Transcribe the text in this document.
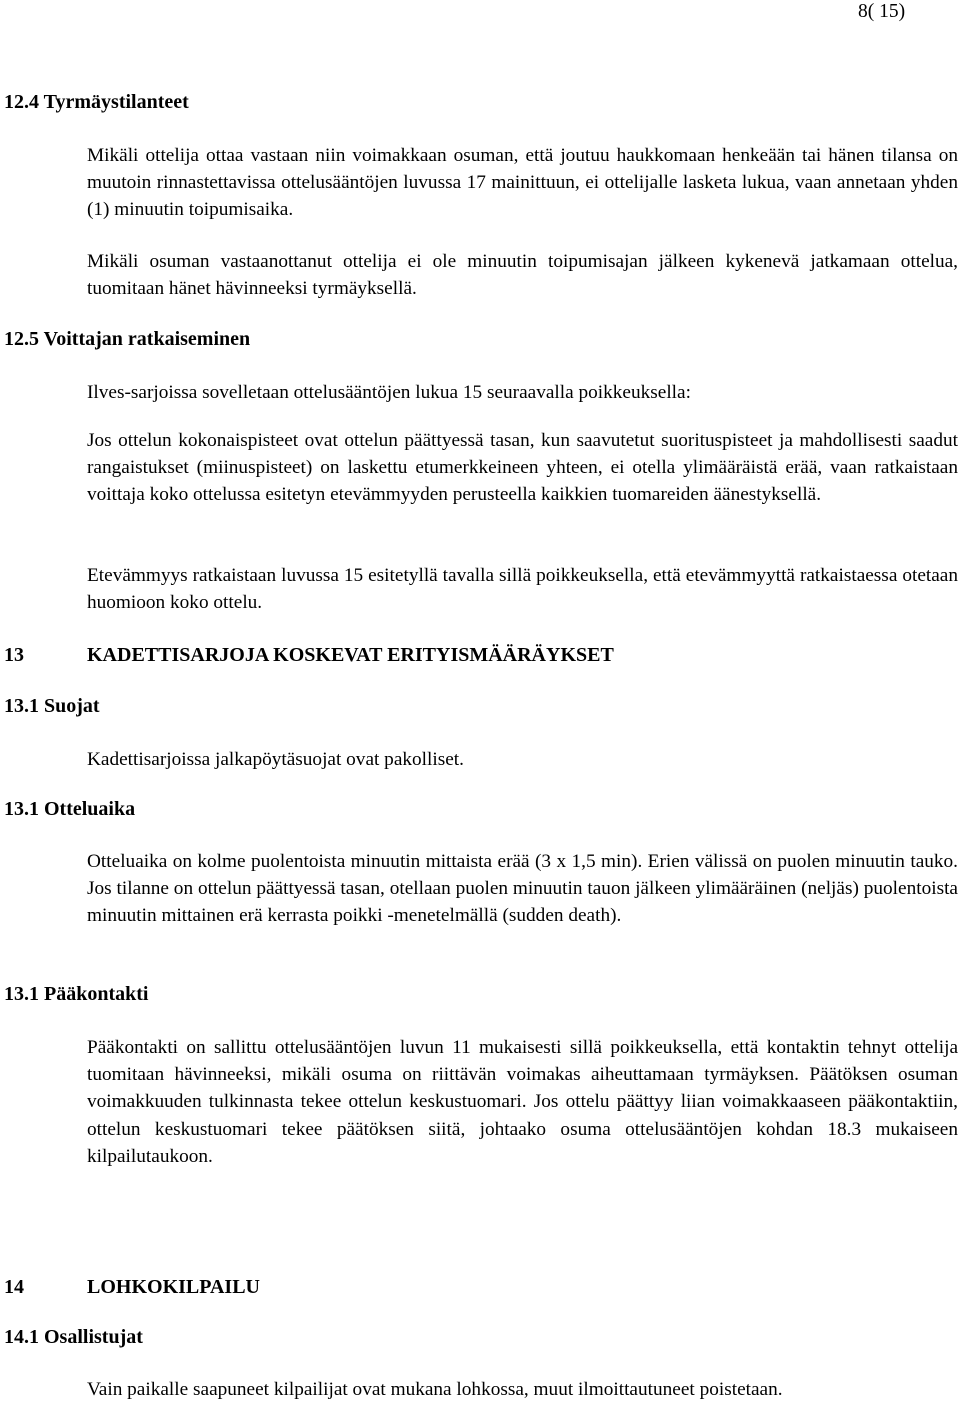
8( 15)
12.4 Tyrmäystilanteet

Mikäli ottelija ottaa vastaan niin voimakkaan osuman, että joutuu haukkomaan henkeään tai hänen tilansa on muutoin rinnastettavissa ottelusääntöjen luvussa 17 mainittuun, ei ottelijalle lasketa lukua, vaan annetaan yhden (1) minuutin toipumisaika.

Mikäli osuman vastaanottanut ottelija ei ole minuutin toipumisajan jälkeen kykenevä jatkamaan ottelua, tuomitaan hänet hävinneeksi tyrmäyksellä.

12.5 Voittajan ratkaiseminen

Ilves-sarjoissa sovelletaan ottelusääntöjen lukua 15 seuraavalla poikkeuksella:

Jos ottelun kokonaispisteet ovat ottelun päättyessä tasan, kun saavutetut suorituspisteet ja mahdollisesti saadut rangaistukset (miinuspisteet) on laskettu etumerkkeineen yhteen, ei otella ylimääräistä erää, vaan ratkaistaan voittaja koko ottelussa esitetyn etevämmyyden perusteella kaikkien tuomareiden äänestyksellä.

Etevämmyys ratkaistaan luvussa 15 esitetyllä tavalla sillä poikkeuksella, että etevämmyyttä ratkaistaessa otetaan huomioon koko ottelu.

13	KADETTISARJOJA KOSKEVAT ERITYISMÄÄRÄYKSET
13.1 Suojat

Kadettisarjoissa jalkapöytäsuojat ovat pakolliset.

13.1 Otteluaika

Otteluaika on kolme puolentoista minuutin mittaista erää (3 x 1,5 min). Erien välissä on puolen minuutin tauko. Jos tilanne on ottelun päättyessä tasan, otellaan puolen minuutin tauon jälkeen ylimääräinen (neljäs) puolentoista minuutin mittainen erä kerrasta poikki -menetelmällä (sudden death).

13.1 Pääkontakti

Pääkontakti on sallittu ottelusääntöjen luvun 11 mukaisesti sillä poikkeuksella, että kontaktin tehnyt ottelija tuomitaan hävinneeksi, mikäli osuma on riittävän voimakas aiheuttamaan tyrmäyksen. Päätöksen osuman voimakkuuden tulkinnasta tekee ottelun keskustuomari. Jos ottelu päättyy liian voimakkaaseen pääkontaktiin, ottelun keskustuomari tekee päätöksen siitä, johtaako osuma ottelusääntöjen kohdan 18.3 mukaiseen kilpailutaukoon.

14	LOHKOKILPAILU
14.1 Osallistujat

Vain paikalle saapuneet kilpailijat ovat mukana lohkossa, muut ilmoittautuneet poistetaan.
